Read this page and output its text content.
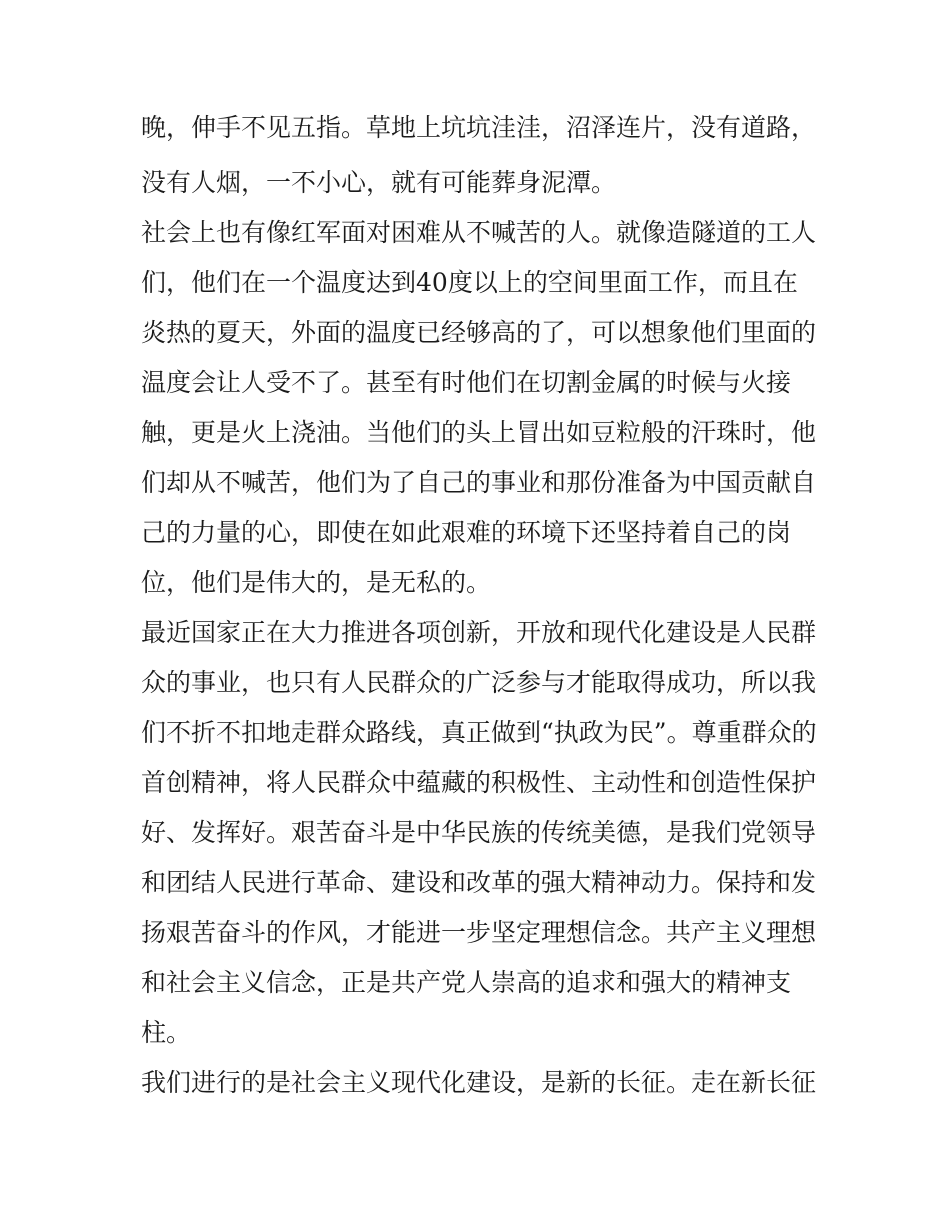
晚，伸手不见五指。草地上坑坑洼洼，沼泽连片，没有道路，
没有人烟，一不小心，就有可能葬身泥潭。
社会上也有像红军面对困难从不喊苦的人。就像造隧道的工人
们，他们在一个温度达到40度以上的空间里面工作，而且在
炎热的夏天，外面的温度已经够高的了，可以想象他们里面的
温度会让人受不了。甚至有时他们在切割金属的时候与火接
触，更是火上浇油。当他们的头上冒出如豆粒般的汗珠时，他
们却从不喊苦，他们为了自己的事业和那份准备为中国贡献自
己的力量的心，即使在如此艰难的环境下还坚持着自己的岗
位，他们是伟大的，是无私的。
最近国家正在大力推进各项创新，开放和现代化建设是人民群
众的事业，也只有人民群众的广泛参与才能取得成功，所以我
们不折不扣地走群众路线，真正做到“执政为民”。尊重群众的
首创精神，将人民群众中蕴藏的积极性、主动性和创造性保护
好、发挥好。艰苦奋斗是中华民族的传统美德，是我们党领导
和团结人民进行革命、建设和改革的强大精神动力。保持和发
扬艰苦奋斗的作风，才能进一步坚定理想信念。共产主义理想
和社会主义信念，正是共产党人崇高的追求和强大的精神支
柱。
我们进行的是社会主义现代化建设，是新的长征。走在新长征
